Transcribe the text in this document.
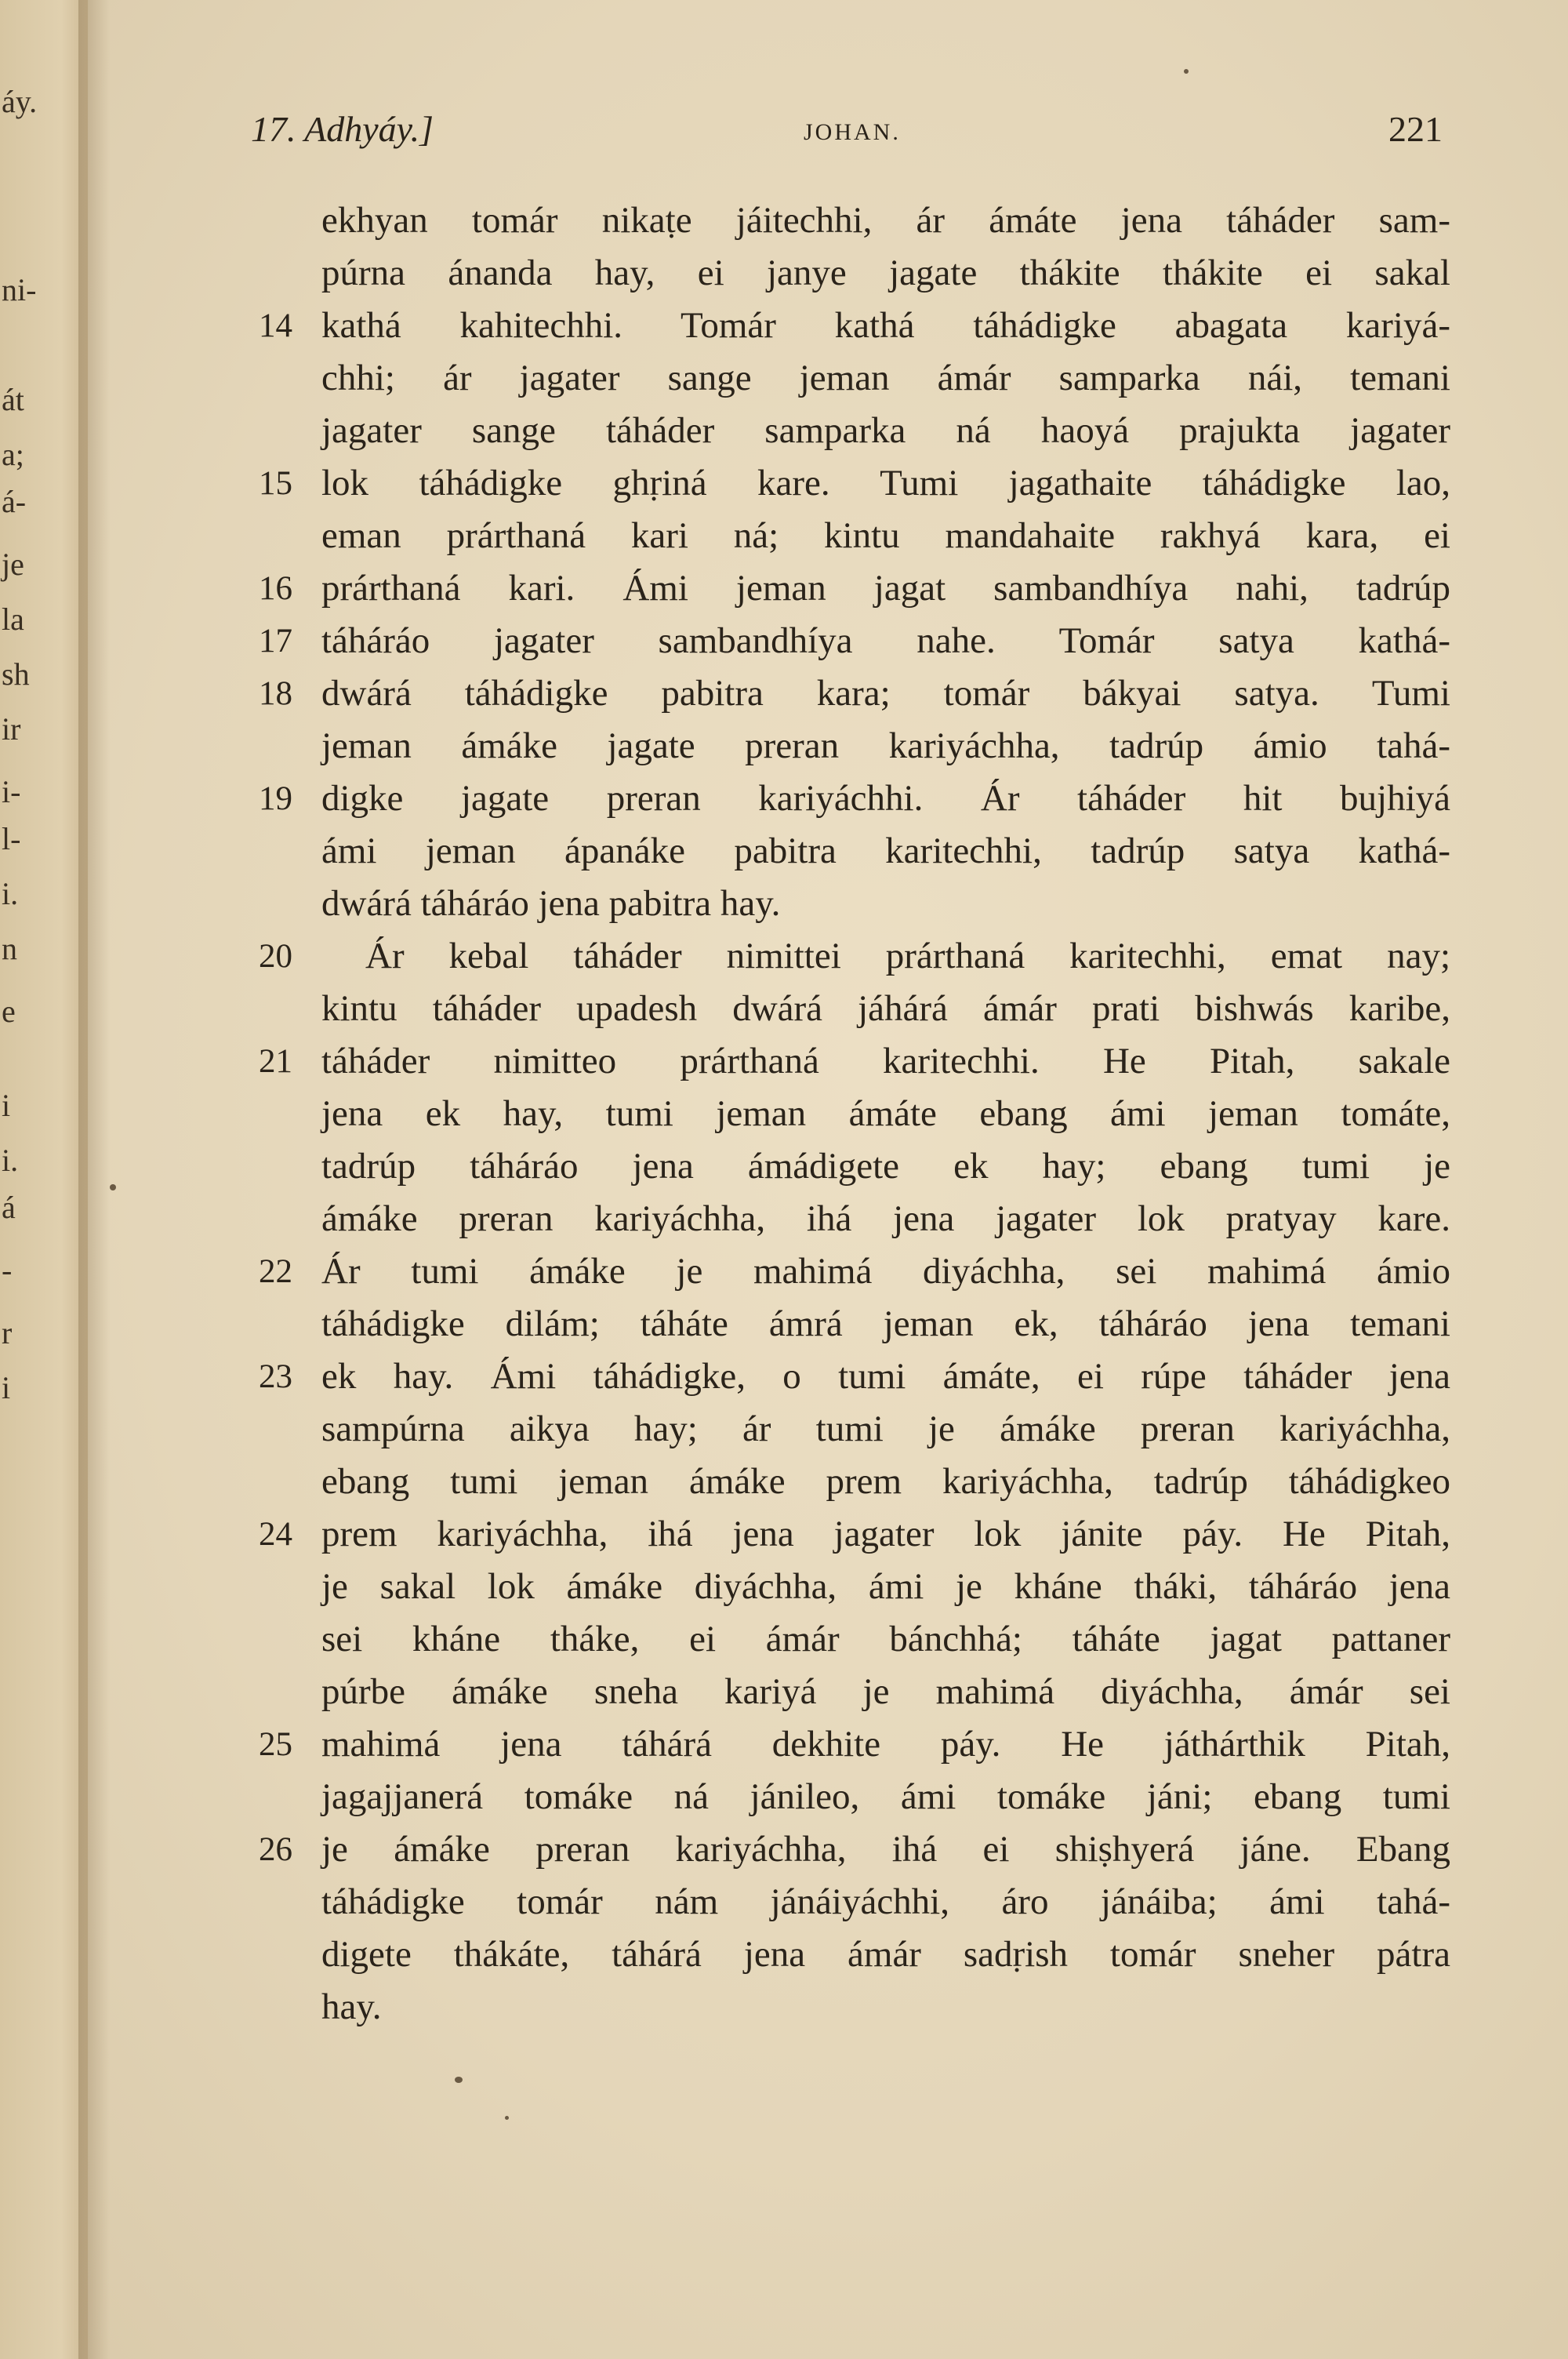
áy.
ni-
át
a;
á-
je
la
sh
ir
i-
l-
i.
n
e
i
i.
á
-
r
i
17. Adhyáy.]	JOHAN.	221
ekhyan tomár nikaṭe jáitechhi, ár ámáte jena táháder sam-
púrna ánanda hay, ei janye jagate thákite thákite ei sakal
14 kathá kahitechhi. Tomár kathá táhádigke abagata kariyá-
chhi; ár jagater sange jeman ámár samparka nái, temani
jagater sange táháder samparka ná haoyá prajukta jagater
15 lok táhádigke ghṛiná kare. Tumi jagathaite táhádigke lao,
eman prárthaná kari ná; kintu mandahaite rakhyá kara, ei
16 prárthaná kari. Ámi jeman jagat sambandhíya nahi, tadrúp
17 táháráo jagater sambandhíya nahe. Tomár satya kathá-
18 dwárá táhádigke pabitra kara; tomár bákyai satya. Tumi
jeman ámáke jagate preran kariyáchha, tadrúp ámio tahá-
19 digke jagate preran kariyáchhi. Ár táháder hit bujhiyá
ámi jeman ápanáke pabitra karitechhi, tadrúp satya kathá-
dwárá táháráo jena pabitra hay.
20	Ár kebal táháder nimittei prárthaná karitechhi, emat nay;
kintu táháder upadesh dwárá jáhárá ámár prati bishwás karibe,
21 táháder nimitteo prárthaná karitechhi. He Pitah, sakale
jena ek hay, tumi jeman ámáte ebang ámi jeman tomáte,
tadrúp táháráo jena ámádigete ek hay; ebang tumi je
ámáke preran kariyáchha, ihá jena jagater lok pratyay kare.
22 Ár tumi ámáke je mahimá diyáchha, sei mahimá ámio
táhádigke dilám; táháte ámrá jeman ek, táháráo jena temani
23 ek hay. Ámi táhádigke, o tumi ámáte, ei rúpe táháder jena
sampúrna aikya hay; ár tumi je ámáke preran kariyáchha,
ebang tumi jeman ámáke prem kariyáchha, tadrúp táhádigkeo
24 prem kariyáchha, ihá jena jagater lok jánite páy. He Pitah,
je sakal lok ámáke diyáchha, ámi je kháne tháki, táháráo jena
sei kháne tháke, ei ámár bánchhá; táháte jagat pattaner
púrbe ámáke sneha kariyá je mahimá diyáchha, ámár sei
25 mahimá jena táhárá dekhite páy. He játhárthik Pitah,
jagajjanerá tomáke ná jánileo, ámi tomáke jáni; ebang tumi
26 je ámáke preran kariyáchha, ihá ei shiṣhyerá jáne. Ebang
táhádigke tomár nám jánáiyáchhi, áro jánáiba; ámi tahá-
digete thákáte, táhárá jena ámár sadṛish tomár sneher pátra
hay.
